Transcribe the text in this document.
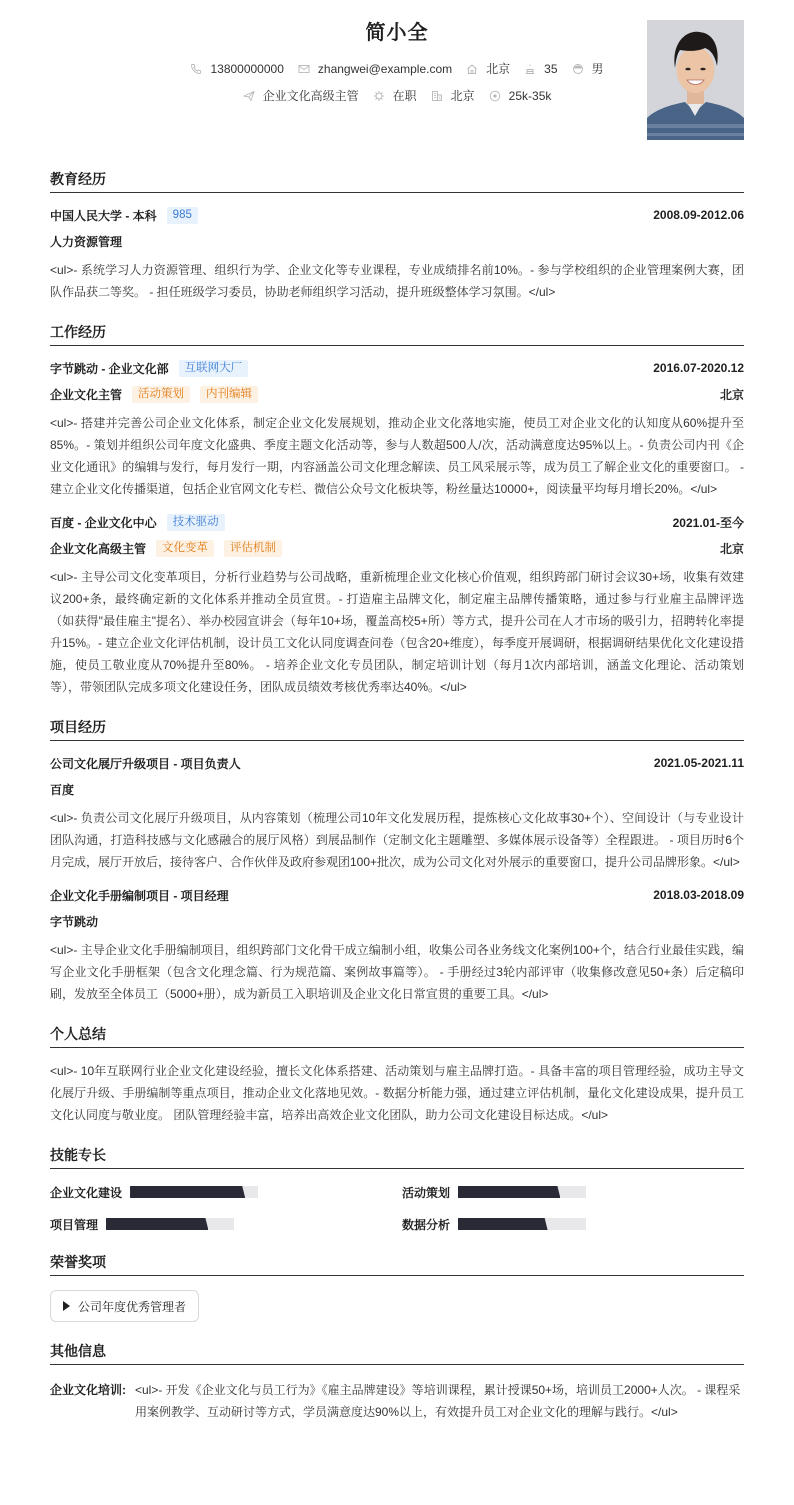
简小全
13800000000	zhangwei@example.com	北京	35	男
企业文化高级主管	在职	北京	25k-35k
教育经历
中国人民大学 - 本科	985	2008.09-2012.06
人力资源管理
<ul>- 系统学习人力资源管理、组织行为学、企业文化等专业课程，专业成绩排名前10%。- 参与学校组织的企业管理案例大赛，团队作品获二等奖。 - 担任班级学习委员，协助老师组织学习活动，提升班级整体学习氛围。</ul>
工作经历
字节跳动 - 企业文化部	互联网大厂	2016.07-2020.12
企业文化主管	活动策划	内刊编辑	北京
<ul>- 搭建并完善公司企业文化体系，制定企业文化发展规划，推动企业文化落地实施，使员工对企业文化的认知度从60%提升至85%。- 策划并组织公司年度文化盛典、季度主题文化活动等，参与人数超500人/次，活动满意度达95%以上。- 负责公司内刊《企业文化通讯》的编辑与发行，每月发行一期，内容涵盖公司文化理念解读、员工风采展示等，成为员工了解企业文化的重要窗口。 - 建立企业文化传播渠道，包括企业官网文化专栏、微信公众号文化板块等，粉丝量达10000+，阅读量平均每月增长20%。</ul>
百度 - 企业文化中心	技术驱动	2021.01-至今
企业文化高级主管	文化变革	评估机制	北京
<ul>- 主导公司文化变革项目，分析行业趋势与公司战略，重新梳理企业文化核心价值观，组织跨部门研讨会议30+场，收集有效建议200+条，最终确定新的文化体系并推动全员宣贯。- 打造雇主品牌文化，制定雇主品牌传播策略，通过参与行业雇主品牌评选（如获得"最佳雇主"提名）、举办校园宣讲会（每年10+场，覆盖高校5+所）等方式，提升公司在人才市场的吸引力，招聘转化率提升15%。- 建立企业文化评估机制，设计员工文化认同度调查问卷（包含20+维度），每季度开展调研，根据调研结果优化文化建设措施，使员工敬业度从70%提升至80%。 - 培养企业文化专员团队，制定培训计划（每月1次内部培训，涵盖文化理论、活动策划等），带领团队完成多项文化建设任务，团队成员绩效考核优秀率达40%。</ul>
项目经历
公司文化展厅升级项目 - 项目负责人	2021.05-2021.11
百度
<ul>- 负责公司文化展厅升级项目，从内容策划（梳理公司10年文化发展历程，提炼核心文化故事30+个）、空间设计（与专业设计团队沟通，打造科技感与文化感融合的展厅风格）到展品制作（定制文化主题雕塑、多媒体展示设备等）全程跟进。 - 项目历时6个月完成，展厅开放后，接待客户、合作伙伴及政府参观团100+批次，成为公司文化对外展示的重要窗口，提升公司品牌形象。</ul>
企业文化手册编制项目 - 项目经理	2018.03-2018.09
字节跳动
<ul>- 主导企业文化手册编制项目，组织跨部门文化骨干成立编制小组，收集公司各业务线文化案例100+个，结合行业最佳实践，编写企业文化手册框架（包含文化理念篇、行为规范篇、案例故事篇等）。 - 手册经过3轮内部评审（收集修改意见50+条）后定稿印刷，发放至全体员工（5000+册），成为新员工入职培训及企业文化日常宣贯的重要工具。</ul>
个人总结
<ul>- 10年互联网行业企业文化建设经验，擅长文化体系搭建、活动策划与雇主品牌打造。- 具备丰富的项目管理经验，成功主导文化展厅升级、手册编制等重点项目，推动企业文化落地见效。- 数据分析能力强，通过建立评估机制，量化文化建设成果，提升员工文化认同度与敬业度。 团队管理经验丰富，培养出高效企业文化团队，助力公司文化建设目标达成。</ul>
技能专长
企业文化建设	活动策划
项目管理	数据分析
荣誉奖项
公司年度优秀管理者
其他信息
企业文化培训: <ul>- 开发《企业文化与员工行为》《雇主品牌建设》等培训课程，累计授课50+场，培训员工2000+人次。 - 课程采用案例教学、互动研讨等方式，学员满意度达90%以上，有效提升员工对企业文化的理解与践行。</ul>
